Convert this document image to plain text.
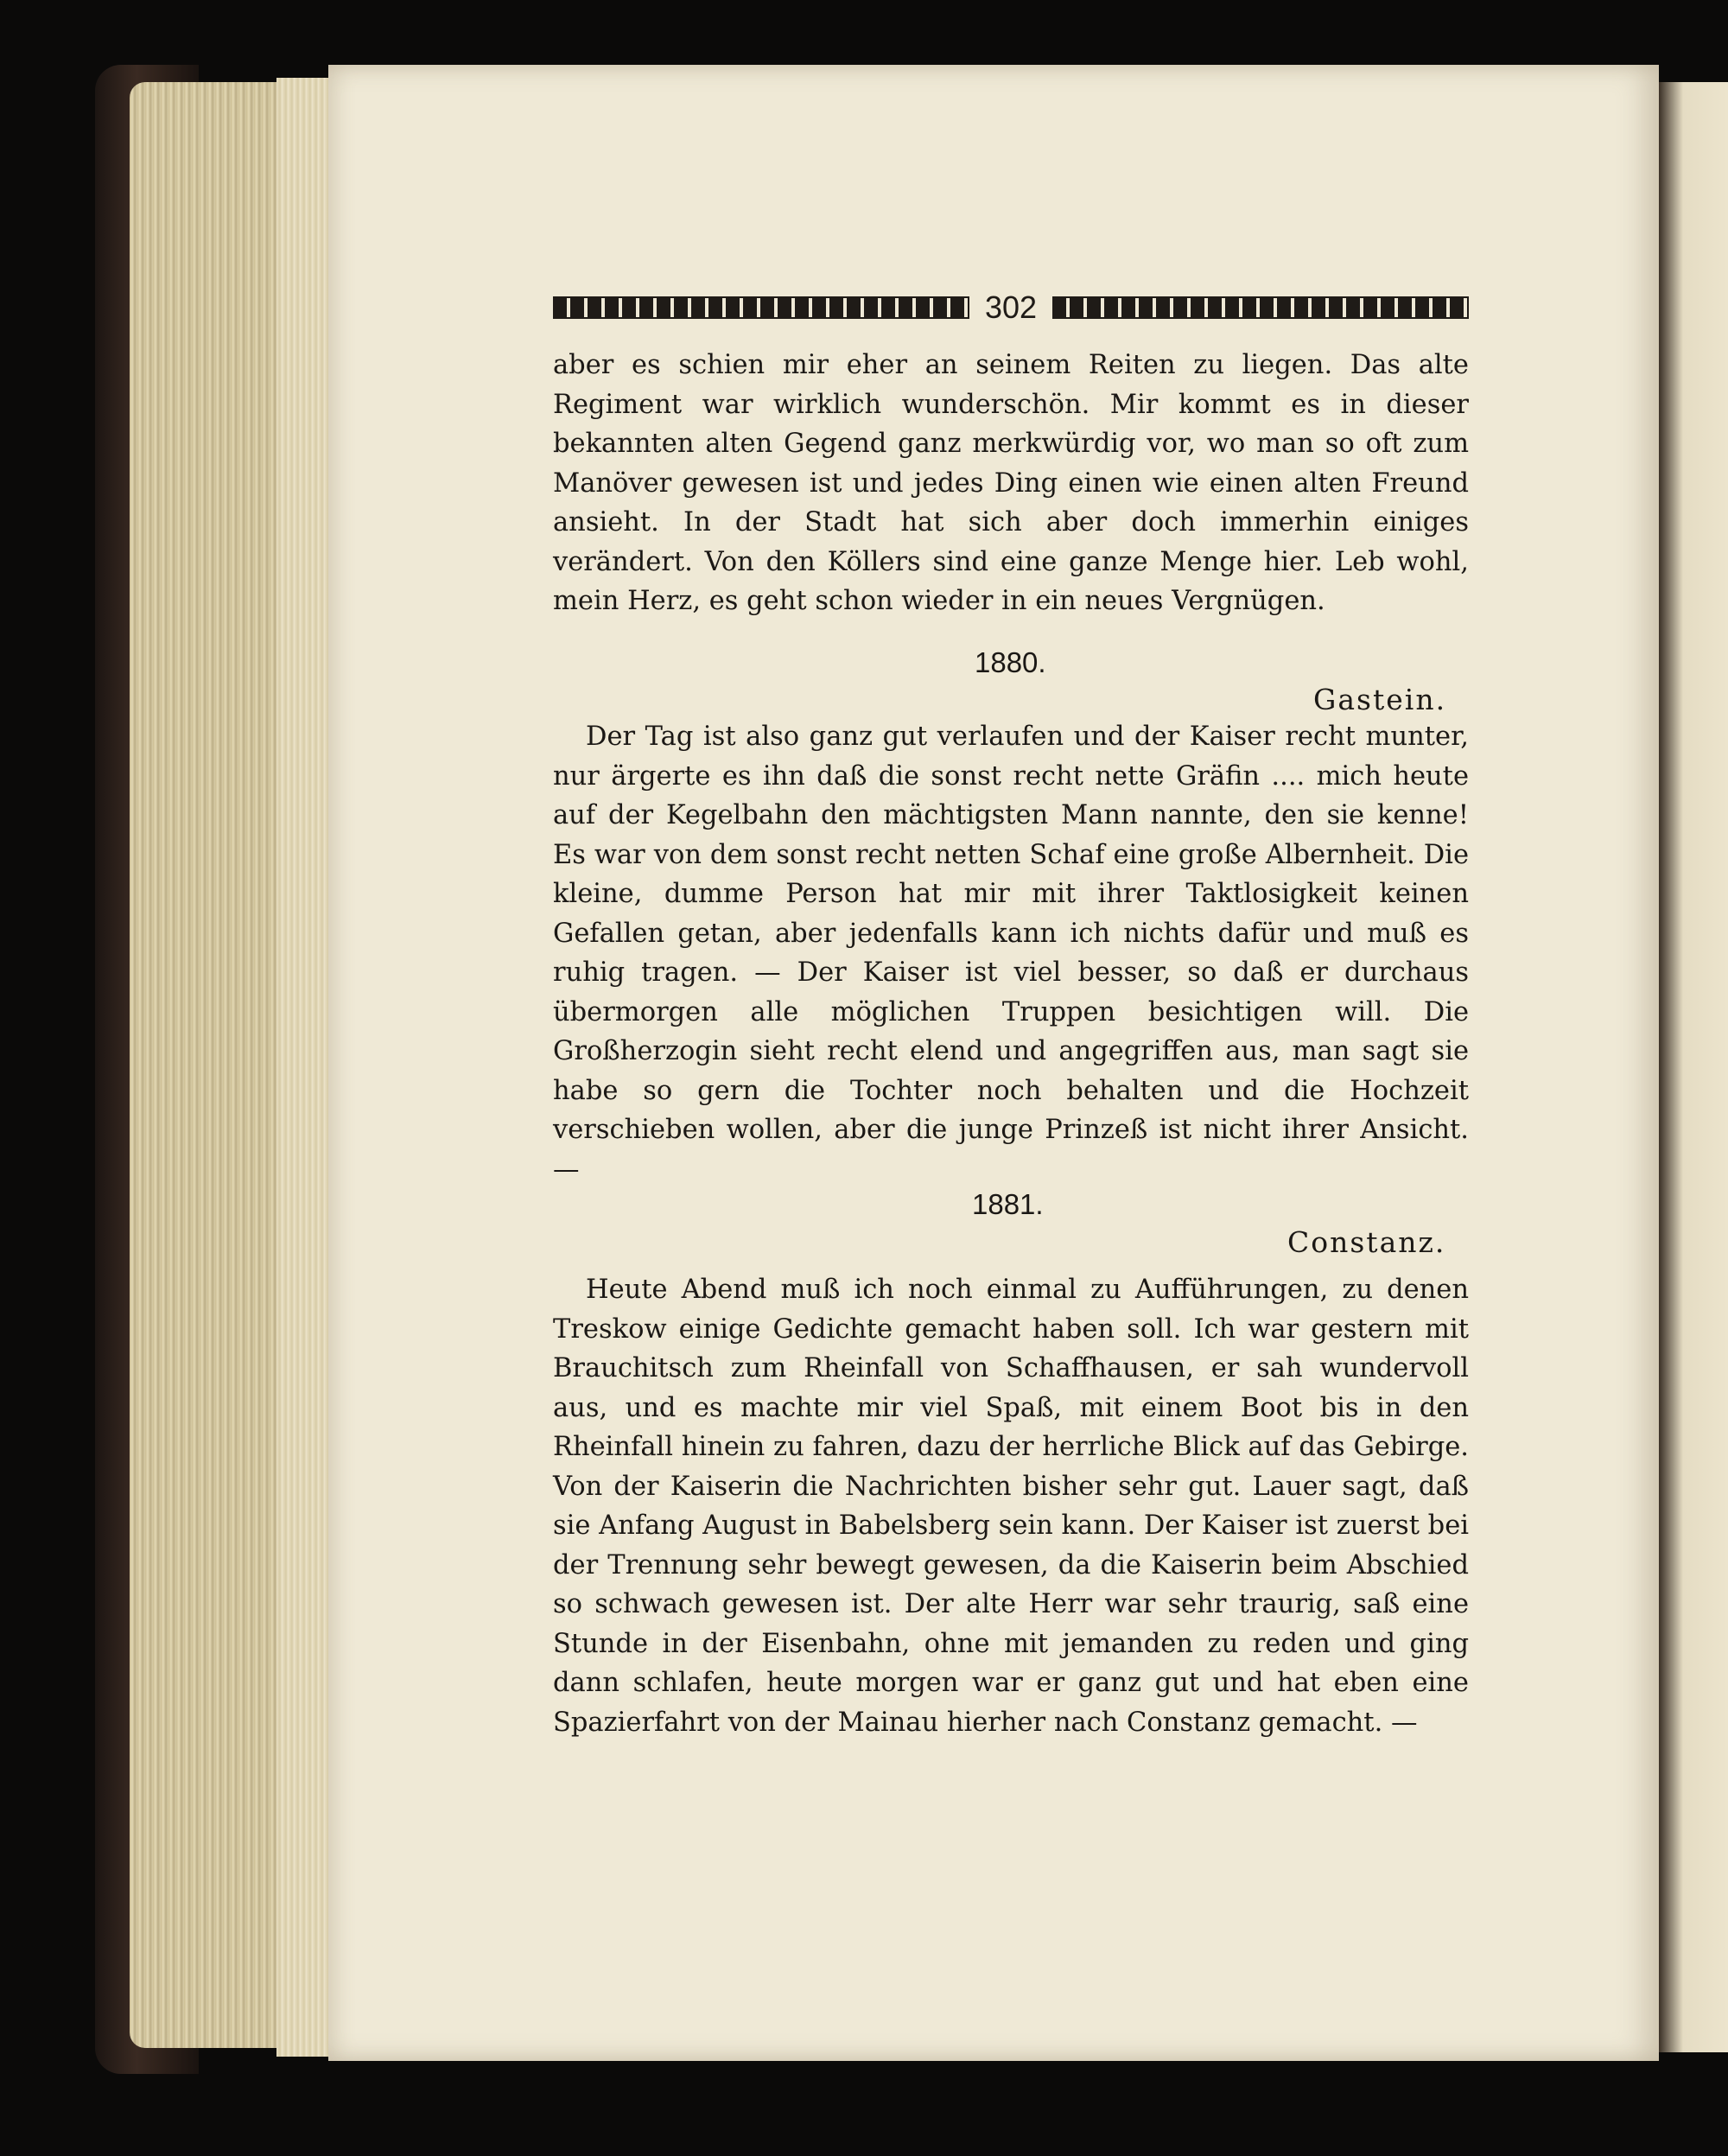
302

aber es schien mir eher an seinem Reiten zu liegen. Das alte Regiment war wirklich wunderschön. Mir kommt es in dieser bekannten alten Gegend ganz merkwürdig vor, wo man so oft zum Manöver gewesen ist und jedes Ding einen wie einen alten Freund ansieht. In der Stadt hat sich aber doch immerhin einiges verändert. Von den Köllers sind eine ganze Menge hier. Leb wohl, mein Herz, es geht schon wieder in ein neues Vergnügen.

1880.
Gastein.

Der Tag ist also ganz gut verlaufen und der Kaiser recht munter, nur ärgerte es ihn daß die sonst recht nette Gräfin .... mich heute auf der Kegelbahn den mächtigsten Mann nannte, den sie kenne! Es war von dem sonst recht netten Schaf eine große Albernheit. Die kleine, dumme Person hat mir mit ihrer Taktlosigkeit keinen Gefallen getan, aber jedenfalls kann ich nichts dafür und muß es ruhig tragen. — Der Kaiser ist viel besser, so daß er durchaus übermorgen alle möglichen Truppen besichtigen will. Die Großherzogin sieht recht elend und angegriffen aus, man sagt sie habe so gern die Tochter noch behalten und die Hochzeit verschieben wollen, aber die junge Prinzeß ist nicht ihrer Ansicht. —

1881.
Constanz.

Heute Abend muß ich noch einmal zu Aufführungen, zu denen Treskow einige Gedichte gemacht haben soll. Ich war gestern mit Brauchitsch zum Rheinfall von Schaffhausen, er sah wundervoll aus, und es machte mir viel Spaß, mit einem Boot bis in den Rheinfall hinein zu fahren, dazu der herrliche Blick auf das Gebirge. Von der Kaiserin die Nachrichten bisher sehr gut. Lauer sagt, daß sie Anfang August in Babelsberg sein kann. Der Kaiser ist zuerst bei der Trennung sehr bewegt gewesen, da die Kaiserin beim Abschied so schwach gewesen ist. Der alte Herr war sehr traurig, saß eine Stunde in der Eisenbahn, ohne mit jemanden zu reden und ging dann schlafen, heute morgen war er ganz gut und hat eben eine Spazierfahrt von der Mainau hierher nach Constanz gemacht. —
